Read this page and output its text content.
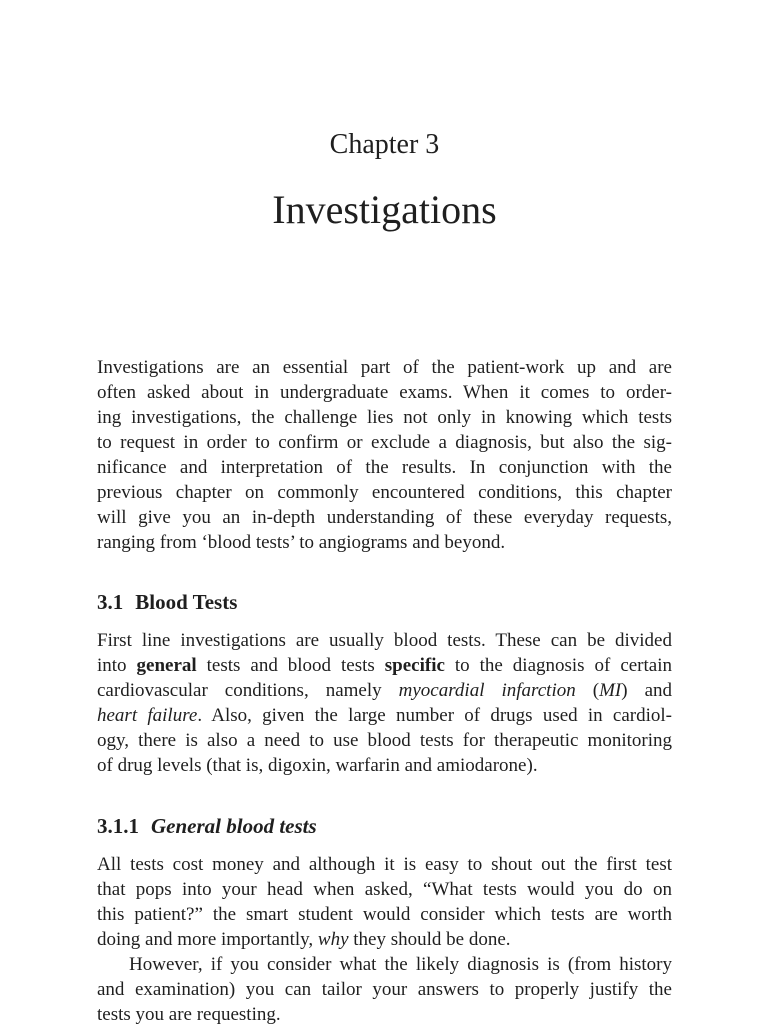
Chapter 3
Investigations
Investigations are an essential part of the patient-work up and are
often asked about in undergraduate exams. When it comes to order-
ing investigations, the challenge lies not only in knowing which tests
to request in order to confirm or exclude a diagnosis, but also the sig-
nificance and interpretation of the results. In conjunction with the
previous chapter on commonly encountered conditions, this chapter
will give you an in-depth understanding of these everyday requests,
ranging from ‘blood tests’ to angiograms and beyond.
3.1 Blood Tests
First line investigations are usually blood tests. These can be divided
into general tests and blood tests specific to the diagnosis of certain
cardiovascular conditions, namely myocardial infarction (MI) and
heart failure. Also, given the large number of drugs used in cardiol-
ogy, there is also a need to use blood tests for therapeutic monitoring
of drug levels (that is, digoxin, warfarin and amiodarone).
3.1.1 General blood tests
All tests cost money and although it is easy to shout out the first test
that pops into your head when asked, “What tests would you do on
this patient?” the smart student would consider which tests are worth
doing and more importantly, why they should be done.
However, if you consider what the likely diagnosis is (from history
and examination) you can tailor your answers to properly justify the
tests you are requesting.
